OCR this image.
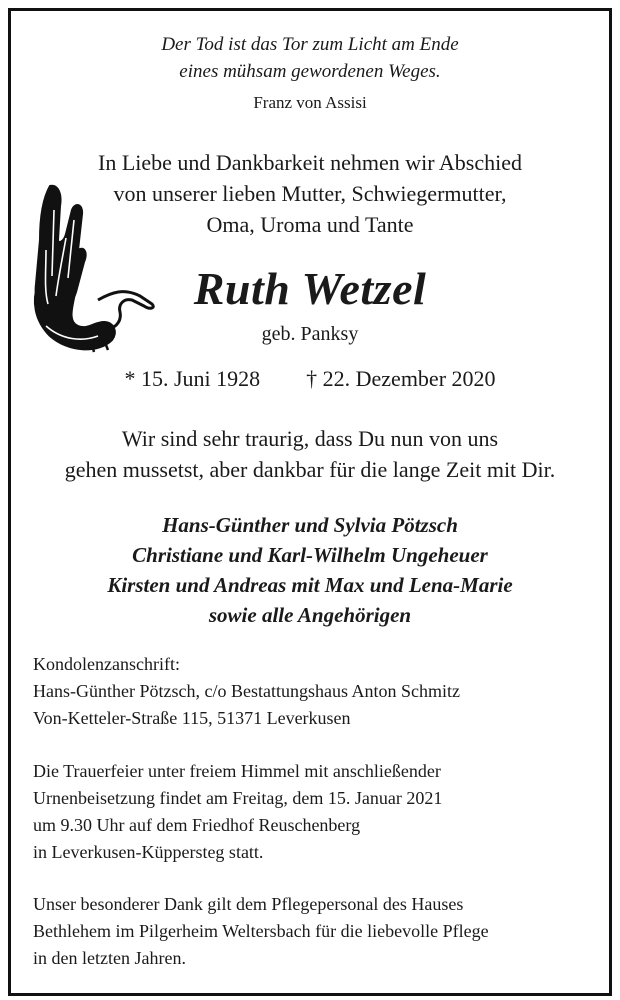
Der Tod ist das Tor zum Licht am Ende
eines mühsam gewordenen Weges.
Franz von Assisi
In Liebe und Dankbarkeit nehmen wir Abschied
von unserer lieben Mutter, Schwiegermutter,
Oma, Uroma und Tante
Ruth Wetzel
geb. Panksy
* 15. Juni 1928 † 22. Dezember 2020
Wir sind sehr traurig, dass Du nun von uns
gehen mussetst, aber dankbar für die lange Zeit mit Dir.
Hans-Günther und Sylvia Pötzsch
Christiane und Karl-Wilhelm Ungeheuer
Kirsten und Andreas mit Max und Lena-Marie
sowie alle Angehörigen
Kondolenzanschrift:
Hans-Günther Pötzsch, c/o Bestattungshaus Anton Schmitz
Von-Ketteler-Straße 115, 51371 Leverkusen
Die Trauerfeier unter freiem Himmel mit anschließender
Urnenbeisetzung findet am Freitag, dem 15. Januar 2021
um 9.30 Uhr auf dem Friedhof Reuschenberg
in Leverkusen-Küppersteg statt.
Unser besonderer Dank gilt dem Pflegepersonal des Hauses
Bethlehem im Pilgerheim Weltersbach für die liebevolle Pflege
in den letzten Jahren.
